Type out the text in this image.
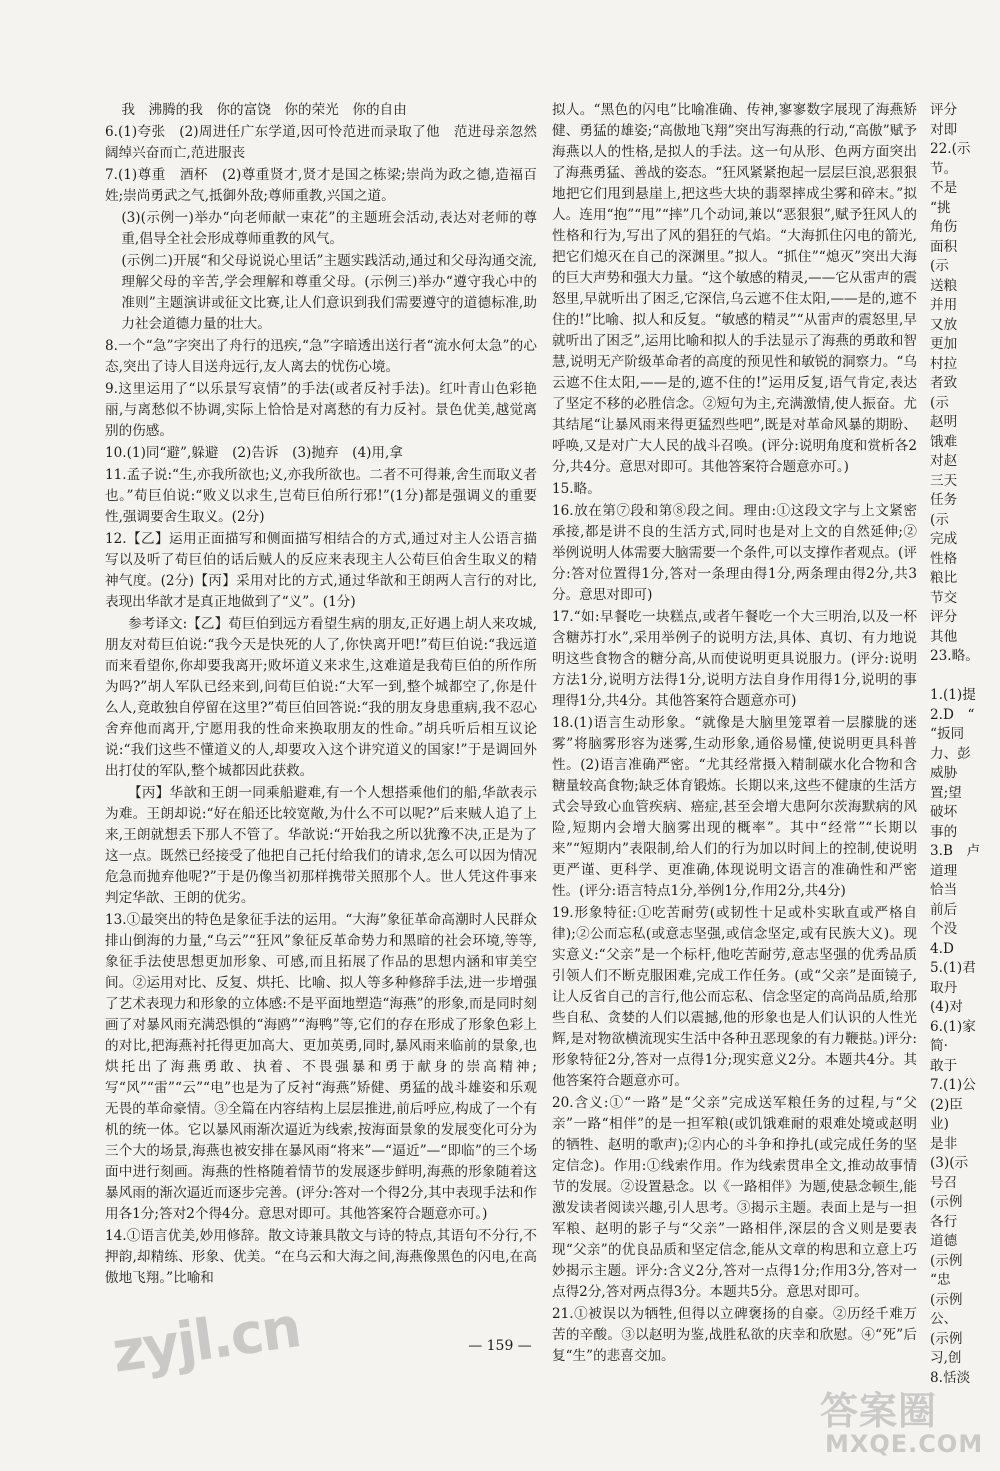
我　沸腾的我　你的富饶　你的荣光　你的自由

6.(1)夸张　(2)周进任广东学道,因可怜范进而录取了他　范进母亲忽然阔绰兴奋而亡,范进服丧

7.(1)尊重　酒杯　(2)尊重贤才,贤才是国之栋梁;崇尚为政之德,造福百姓;崇尚勇武之气,抵御外敌;尊师重教,兴国之道。

(3)(示例一)举办“向老师献一束花”的主题班会活动,表达对老师的尊重,倡导全社会形成尊师重教的风气。

(示例二)开展“和父母说说心里话”主题实践活动,通过和父母沟通交流,理解父母的辛苦,学会理解和尊重父母。(示例三)举办“遵守我心中的准则”主题演讲或征文比赛,让人们意识到我们需要遵守的道德标准,助力社会道德力量的壮大。

8.一个“急”字突出了舟行的迅疾,“急”字暗透出送行者“流水何太急”的心态,突出了诗人目送舟远行,友人离去的忧伤心境。

9.这里运用了“以乐景写哀情”的手法(或者反衬手法)。红叶青山色彩艳丽,与离愁似不协调,实际上恰恰是对离愁的有力反衬。景色优美,越觉离别的伤感。

10.(1)同“避”,躲避　(2)告诉　(3)抛弃　(4)用,拿

11.孟子说:“生,亦我所欲也;义,亦我所欲也。二者不可得兼,舍生而取义者也。”荀巨伯说:“败义以求生,岂荀巨伯所行邪!”(1分)都是强调义的重要性,强调要舍生取义。(2分)

12.【乙】运用正面描写和侧面描写相结合的方式,通过对主人公语言描写以及听了荀巨伯的话后贼人的反应来表现主人公荀巨伯舍生取义的精神气度。(2分)【丙】采用对比的方式,通过华歆和王朗两人言行的对比,表现出华歆才是真正地做到了“义”。(1分)

参考译文:【乙】荀巨伯到远方看望生病的朋友,正好遇上胡人来攻城,朋友对荀巨伯说:“我今天是快死的人了,你快离开吧!”荀巨伯说:“我远道而来看望你,你却要我离开;败坏道义来求生,这难道是我荀巨伯的所作所为吗?”胡人军队已经来到,问荀巨伯说:“大军一到,整个城都空了,你是什么人,竟敢独自停留在这里?”荀巨伯回答说:“我的朋友身患重病,我不忍心舍弃他而离开,宁愿用我的性命来换取朋友的性命。”胡兵听后相互议论说:“我们这些不懂道义的人,却要攻入这个讲究道义的国家!”于是调回外出打仗的军队,整个城都因此获救。

【丙】华歆和王朗一同乘船避难,有一个人想搭乘他们的船,华歆表示为难。王朗却说:“好在船还比较宽敞,为什么不可以呢?”后来贼人追了上来,王朗就想丢下那人不管了。华歆说:“开始我之所以犹豫不决,正是为了这一点。既然已经接受了他把自己托付给我们的请求,怎么可以因为情况危急而抛弃他呢?”于是仍像当初那样携带关照那个人。世人凭这件事来判定华歆、王朗的优劣。

13.①最突出的特色是象征手法的运用。“大海”象征革命高潮时人民群众排山倒海的力量,“乌云”“狂风”象征反革命势力和黑暗的社会环境,等等,象征手法使思想更加形象、可感,而且拓展了作品的思想内涵和审美空间。②运用对比、反复、烘托、比喻、拟人等多种修辞手法,进一步增强了艺术表现力和形象的立体感:不是平面地塑造“海燕”的形象,而是同时刻画了对暴风雨充满恐惧的“海鸥”“海鸭”等,它们的存在形成了形象色彩上的对比,把海燕衬托得更加高大、更加英勇,同时,暴风雨来临前的景象,也烘托出了海燕勇敢、执着、不畏强暴和勇于献身的崇高精神;写“风”“雷”“云”“电”也是为了反衬“海燕”矫健、勇猛的战斗雄姿和乐观无畏的革命豪情。③全篇在内容结构上层层推进,前后呼应,构成了一个有机的统一体。它以暴风雨渐次逼近为线索,按海面景象的发展变化可分为三个大的场景,海燕也被安排在暴风雨“将来”—“逼近”—“即临”的三个场面中进行刻画。海燕的性格随着情节的发展逐步鲜明,海燕的形象随着这暴风雨的渐次逼近而逐步完善。(评分:答对一个得2分,其中表现手法和作用各1分;答对2个得4分。意思对即可。其他答案符合题意亦可。)

14.①语言优美,妙用修辞。散文诗兼具散文与诗的特点,其语句不分行,不押韵,却精练、形象、优美。“在乌云和大海之间,海燕像黑色的闪电,在高傲地飞翔。”比喻和

拟人。“黑色的闪电”比喻准确、传神,寥寥数字展现了海燕矫健、勇猛的雄姿;“高傲地飞翔”突出写海燕的行动,“高傲”赋予海燕以人的性格,是拟人的手法。这一句从形、色两方面突出了海燕勇猛、善战的姿态。“狂风紧紧抱起一层层巨浪,恶狠狠地把它们甩到悬崖上,把这些大块的翡翠摔成尘雾和碎末。”拟人。连用“抱”“甩”“摔”几个动词,兼以“恶狠狠”,赋予狂风人的性格和行为,写出了风的猖狂的气焰。“大海抓住闪电的箭光,把它们熄灭在自己的深渊里。”拟人。“抓住”“熄灭”突出大海的巨大声势和强大力量。“这个敏感的精灵,——它从雷声的震怒里,早就听出了困乏,它深信,乌云遮不住太阳,——是的,遮不住的!”比喻、拟人和反复。“敏感的精灵”“从雷声的震怒里,早就听出了困乏”,运用比喻和拟人的手法显示了海燕的勇敢和智慧,说明无产阶级革命者的高度的预见性和敏锐的洞察力。“乌云遮不住太阳,——是的,遮不住的!”运用反复,语气肯定,表达了坚定不移的必胜信念。②短句为主,充满激情,使人振奋。尤其结尾“让暴风雨来得更猛烈些吧”,既是对革命风暴的期盼、呼唤,又是对广大人民的战斗召唤。(评分:说明角度和赏析各2分,共4分。意思对即可。其他答案符合题意亦可。)

15.略。

16.放在第⑦段和第⑧段之间。理由:①这段文字与上文紧密承接,都是讲不良的生活方式,同时也是对上文的自然延伸;②举例说明人体需要大脑需要一个条件,可以支撑作者观点。(评分:答对位置得1分,答对一条理由得1分,两条理由得2分,共3分。意思对即可)

17.“如:早餐吃一块糕点,或者午餐吃一个大三明治,以及一杯含糖苏打水”,采用举例子的说明方法,具体、真切、有力地说明这些食物含的糖分高,从而使说明更具说服力。(评分:说明方法1分,说明方法得1分,说明方法自身作用得1分,说明的事理得1分,共4分。其他答案符合题意亦可)

18.(1)语言生动形象。“就像是大脑里笼罩着一层朦胧的迷雾”将脑雾形容为迷雾,生动形象,通俗易懂,使说明更具科普性。(2)语言准确严密。“尤其经常摄入精制碳水化合物和含糖量较高食物;缺乏体育锻炼。长期以来,这些不健康的生活方式会导致心血管疾病、癌症,甚至会增大患阿尔茨海默病的风险,短期内会增大脑雾出现的概率”。其中“经常”“长期以来”“短期内”表限制,给人们的行为加以时间上的控制,使说明更严谨、更科学、更准确,体现说明文语言的准确性和严密性。(评分:语言特点1分,举例1分,作用2分,共4分)

19.形象特征:①吃苦耐劳(或韧性十足或朴实耿直或严格自律);②公而忘私(或意志坚强,或信念坚定,或有民族大义)。现实意义:“父亲”是一个标杆,他吃苦耐劳,意志坚强的优秀品质引领人们不断克服困难,完成工作任务。(或“父亲”是面镜子,让人反省自己的言行,他公而忘私、信念坚定的高尚品质,给那些自私、贪婪的人们以震撼,他的形象也是人们认识的人性光辉,是对物欲横流现实生活中各种丑恶现象的有力鞭挞。)评分:形象特征2分,答对一点得1分;现实意义2分。本题共4分。其他答案符合题意亦可。

20.含义:①“一路”是“父亲”完成送军粮任务的过程,与“父亲”一路“相伴”的是一担军粮(或饥饿难耐的艰难处境或赵明的牺牲、赵明的歌声);②内心的斗争和挣扎(或完成任务的坚定信念)。作用:①线索作用。作为线索贯串全文,推动故事情节的发展。②设置悬念。以《一路相伴》为题,使悬念顿生,能激发读者阅读兴趣,引人思考。③揭示主题。表面上是与一担军粮、赵明的影子与“父亲”一路相伴,深层的含义则是要表现“父亲”的优良品质和坚定信念,能从文章的构思和立意上巧妙揭示主题。评分:含义2分,答对一点得1分;作用3分,答对一点得2分,答对两点得3分。本题共5分。意思对即可。

21.①被误以为牺牲,但得以立碑褒扬的自豪。②历经千难万苦的辛酸。③以赵明为鉴,战胜私欲的庆幸和欣慰。④“死”后复“生”的悲喜交加。

评分
对即
22.(示
节。
不是
“挑
角伤
面积
(示
送粮
并用
又放
更加
村拉
者致
(示
赵明
饿难
对赵
三天
任务
(示
完成
性格
粮比
节交
评分
其他
23.略。
1.(1)提
2.D　“
“扳同
力、彭
威胁
置;望
破坏
事的
3.B　卢
道理
恰当
前后
个没
4.D
5.(1)君
取丹
(4)对
6.(1)家
简·
敢于
7.(1)公
(2)臣
业)
是非
(3)(示
号召
(示例
各行
道德
(示例
“忠
(示例
公、
(示例
习,创
8.恬淡
— 159 —
zyjl.cn
答案圈
MXQE.COM
